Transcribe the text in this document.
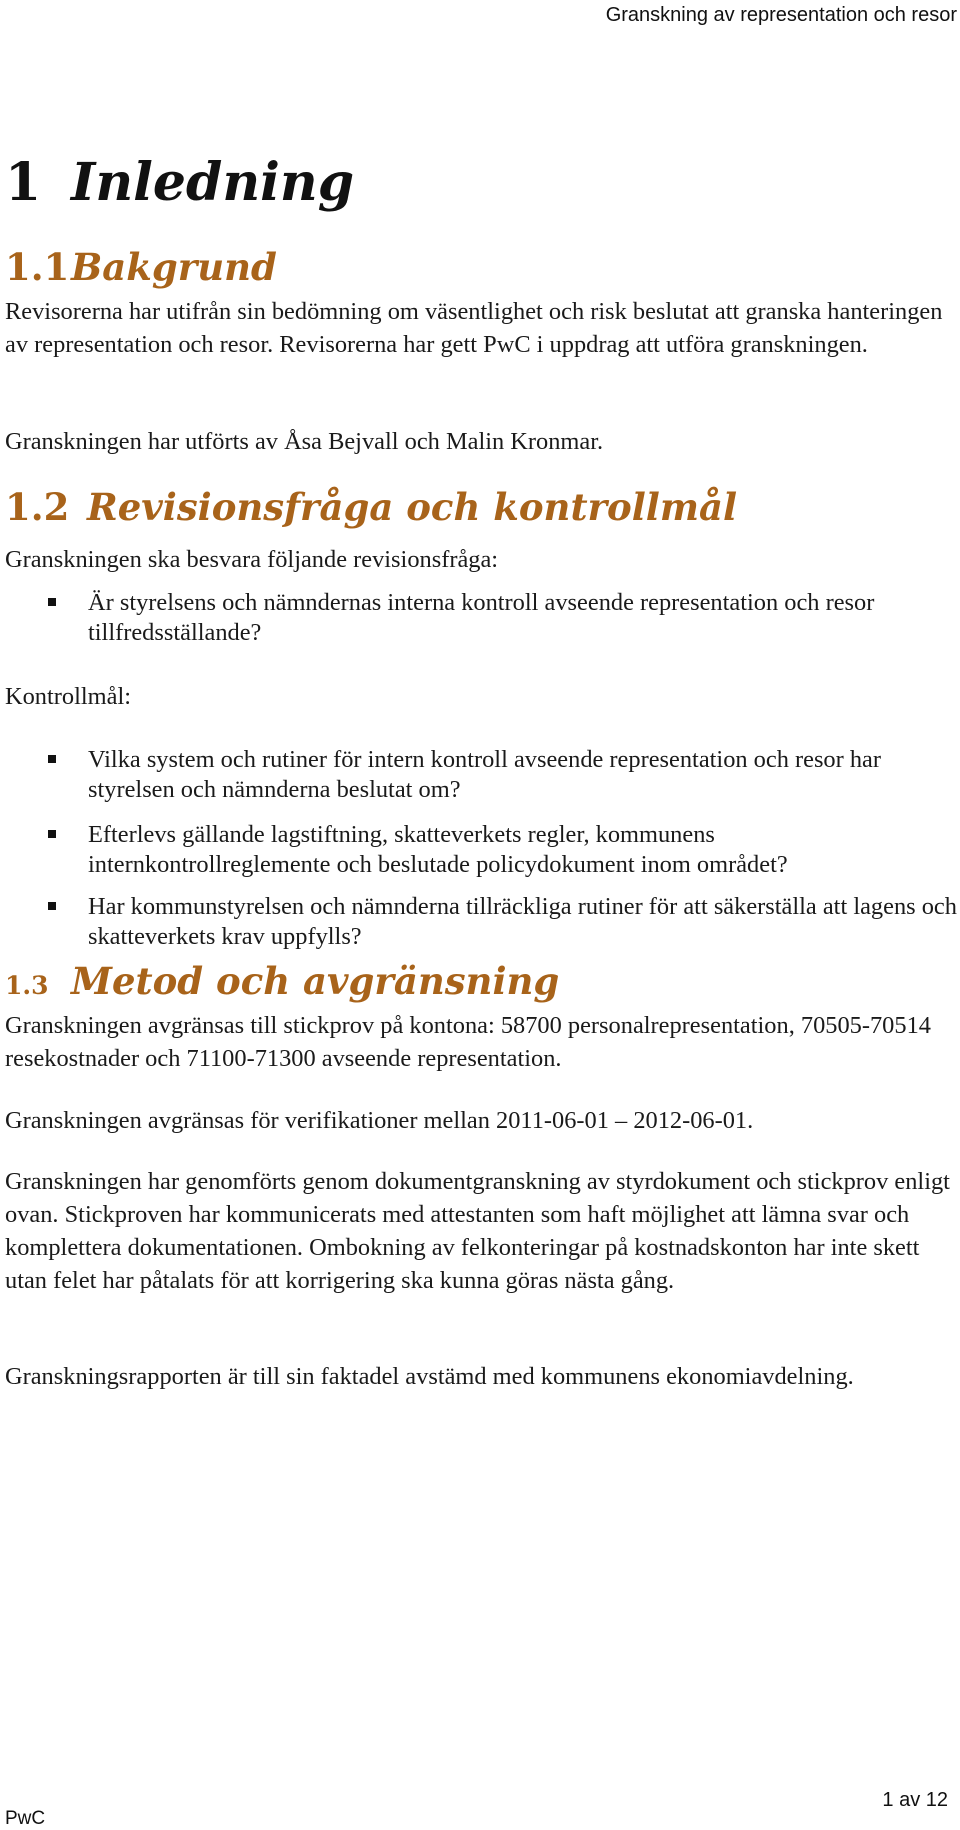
Granskning av representation och resor
1 Inledning
1.1Bakgrund

Revisorerna har utifrån sin bedömning om väsentlighet och risk beslutat att granska hanteringen av representation och resor. Revisorerna har gett PwC i uppdrag att utföra granskningen.

Granskningen har utförts av Åsa Bejvall och Malin Kronmar.

1.2 Revisionsfråga och kontrollmål

Granskningen ska besvara följande revisionsfråga:

Är styrelsens och nämndernas interna kontroll avseende representation och resor tillfredsställande?

Kontrollmål:

Vilka system och rutiner för intern kontroll avseende representation och resor har styrelsen och nämnderna beslutat om?
Efterlevs gällande lagstiftning, skatteverkets regler, kommunens internkontrollreglemente och beslutade policydokument inom området?
Har kommunstyrelsen och nämnderna tillräckliga rutiner för att säkerställa att lagens och skatteverkets krav uppfylls?
1.3 Metod och avgränsning

Granskningen avgränsas till stickprov på kontona: 58700 personalrepresentation, 70505-70514 resekostnader och 71100-71300 avseende representation.

Granskningen avgränsas för verifikationer mellan 2011-06-01 – 2012-06-01.

Granskningen har genomförts genom dokumentgranskning av styrdokument och stickprov enligt ovan. Stickproven har kommunicerats med attestanten som haft möjlighet att lämna svar och komplettera dokumentationen. Ombokning av felkonteringar på kostnadskonton har inte skett utan felet har påtalats för att korrigering ska kunna göras nästa gång.

Granskningsrapporten är till sin faktadel avstämd med kommunens ekonomiavdelning.

1 av 12
PwC
